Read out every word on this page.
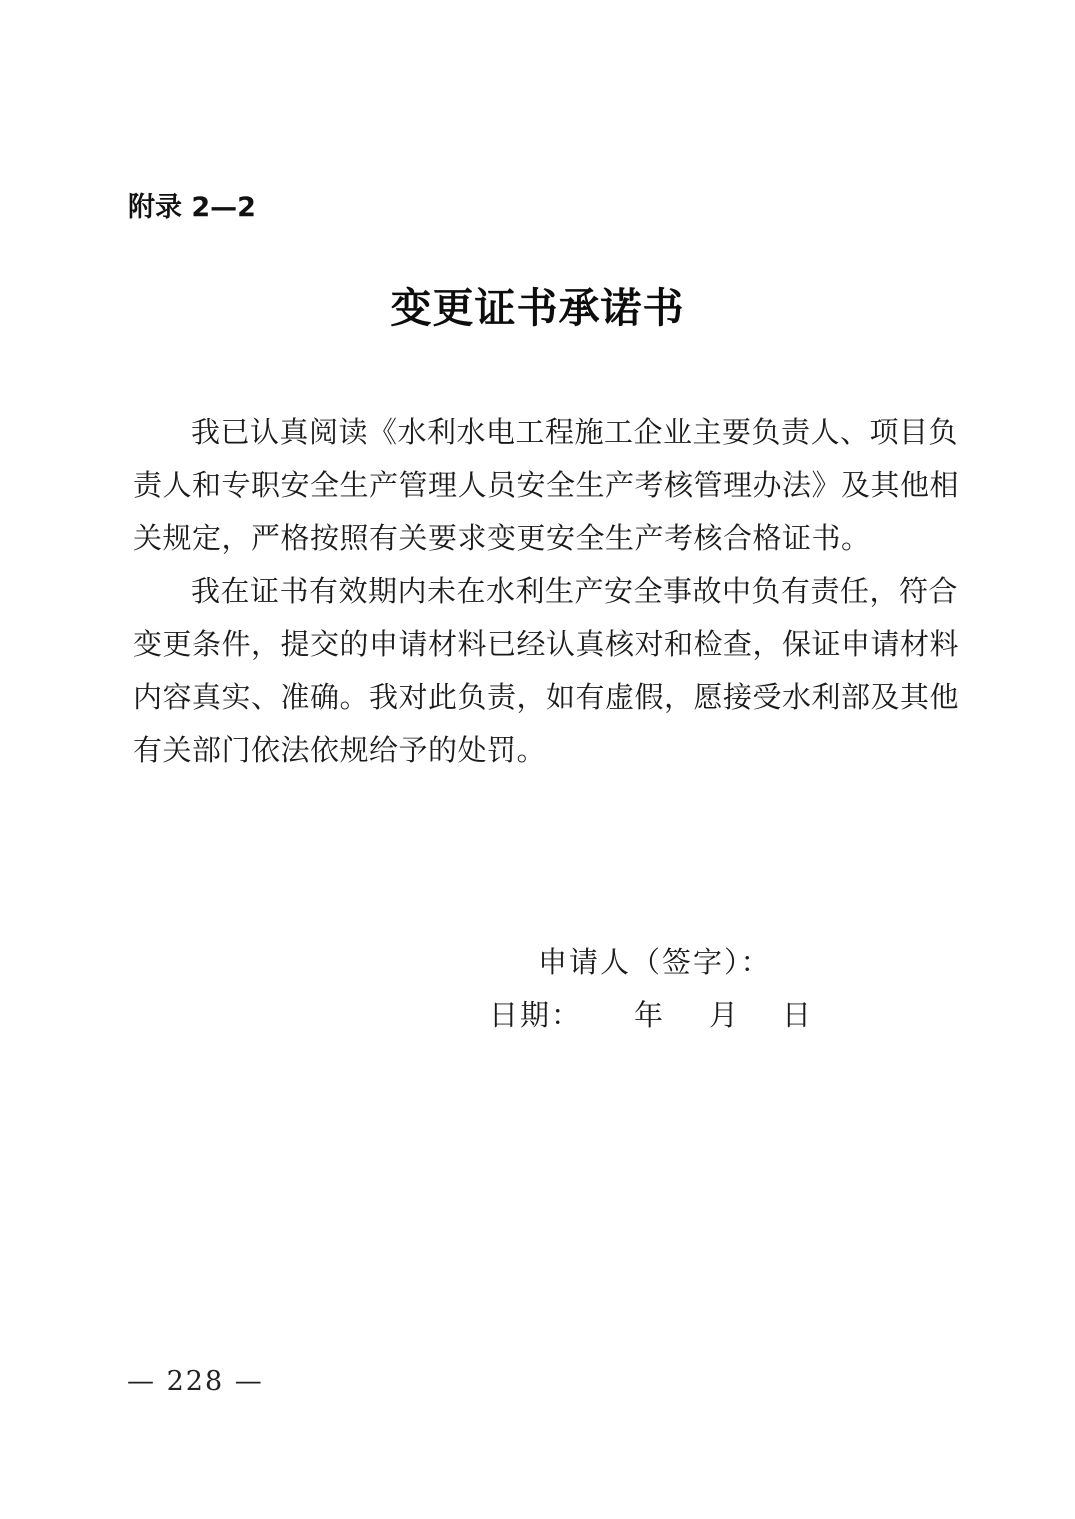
附录 2—2
变更证书承诺书
我已认真阅读《水利水电工程施工企业主要负责人、项目负
责人和专职安全生产管理人员安全生产考核管理办法》及其他相
关规定，严格按照有关要求变更安全生产考核合格证书。
我在证书有效期内未在水利生产安全事故中负有责任，符合
变更条件，提交的申请材料已经认真核对和检查，保证申请材料
内容真实、准确。我对此负责，如有虚假，愿接受水利部及其他
有关部门依法依规给予的处罚。
申请人（签字）：
日期： 年 月 日
— 228 —
